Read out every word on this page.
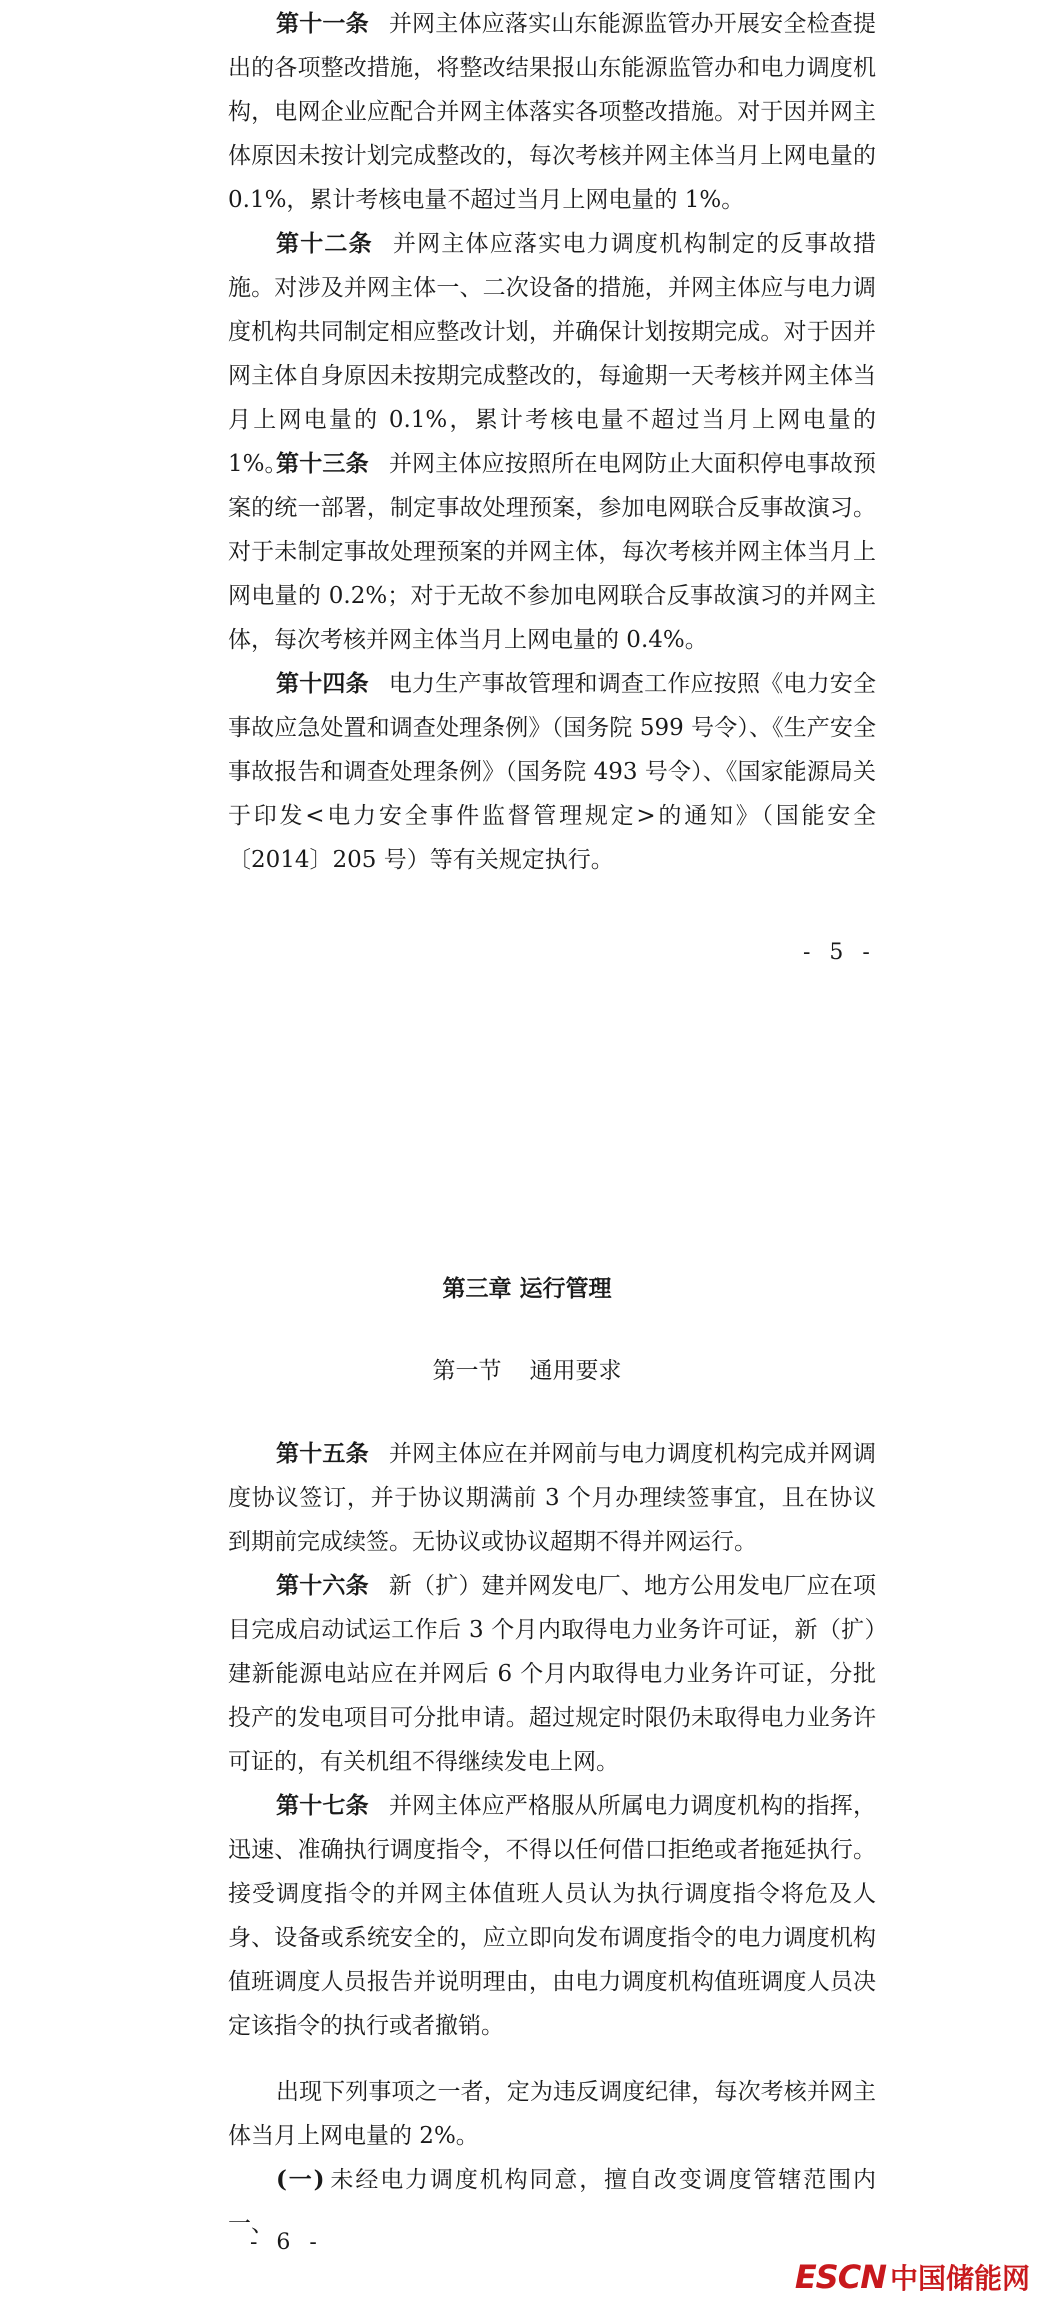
第十一条 并网主体应落实山东能源监管办开展安全检查提出的各项整改措施，将整改结果报山东能源监管办和电力调度机构，电网企业应配合并网主体落实各项整改措施。对于因并网主体原因未按计划完成整改的，每次考核并网主体当月上网电量的 0.1%，累计考核电量不超过当月上网电量的 1%。

第十二条 并网主体应落实电力调度机构制定的反事故措施。对涉及并网主体一、二次设备的措施，并网主体应与电力调度机构共同制定相应整改计划，并确保计划按期完成。对于因并网主体自身原因未按期完成整改的，每逾期一天考核并网主体当月上网电量的 0.1%，累计考核电量不超过当月上网电量的 1%。

第十三条 并网主体应按照所在电网防止大面积停电事故预案的统一部署，制定事故处理预案，参加电网联合反事故演习。对于未制定事故处理预案的并网主体，每次考核并网主体当月上网电量的 0.2%；对于无故不参加电网联合反事故演习的并网主体，每次考核并网主体当月上网电量的 0.4%。

第十四条 电力生产事故管理和调查工作应按照《电力安全事故应急处置和调查处理条例》（国务院 599 号令）、《生产安全事故报告和调查处理条例》（国务院 493 号令）、《国家能源局关于印发<电力安全事件监督管理规定>的通知》（国能安全〔2014〕205 号）等有关规定执行。

- 5 -
第三章 运行管理
第一节 通用要求

第十五条 并网主体应在并网前与电力调度机构完成并网调度协议签订，并于协议期满前 3 个月办理续签事宜，且在协议到期前完成续签。无协议或协议超期不得并网运行。

第十六条 新（扩）建并网发电厂、地方公用发电厂应在项目完成启动试运工作后 3 个月内取得电力业务许可证，新（扩）建新能源电站应在并网后 6 个月内取得电力业务许可证，分批投产的发电项目可分批申请。超过规定时限仍未取得电力业务许可证的，有关机组不得继续发电上网。

第十七条 并网主体应严格服从所属电力调度机构的指挥，迅速、准确执行调度指令，不得以任何借口拒绝或者拖延执行。接受调度指令的并网主体值班人员认为执行调度指令将危及人身、设备或系统安全的，应立即向发布调度指令的电力调度机构值班调度人员报告并说明理由，由电力调度机构值班调度人员决定该指令的执行或者撤销。

出现下列事项之一者，定为违反调度纪律，每次考核并网主体当月上网电量的 2%。

(一) 未经电力调度机构同意，擅自改变调度管辖范围内一、

- 6 -
ESCN 中国储能网
